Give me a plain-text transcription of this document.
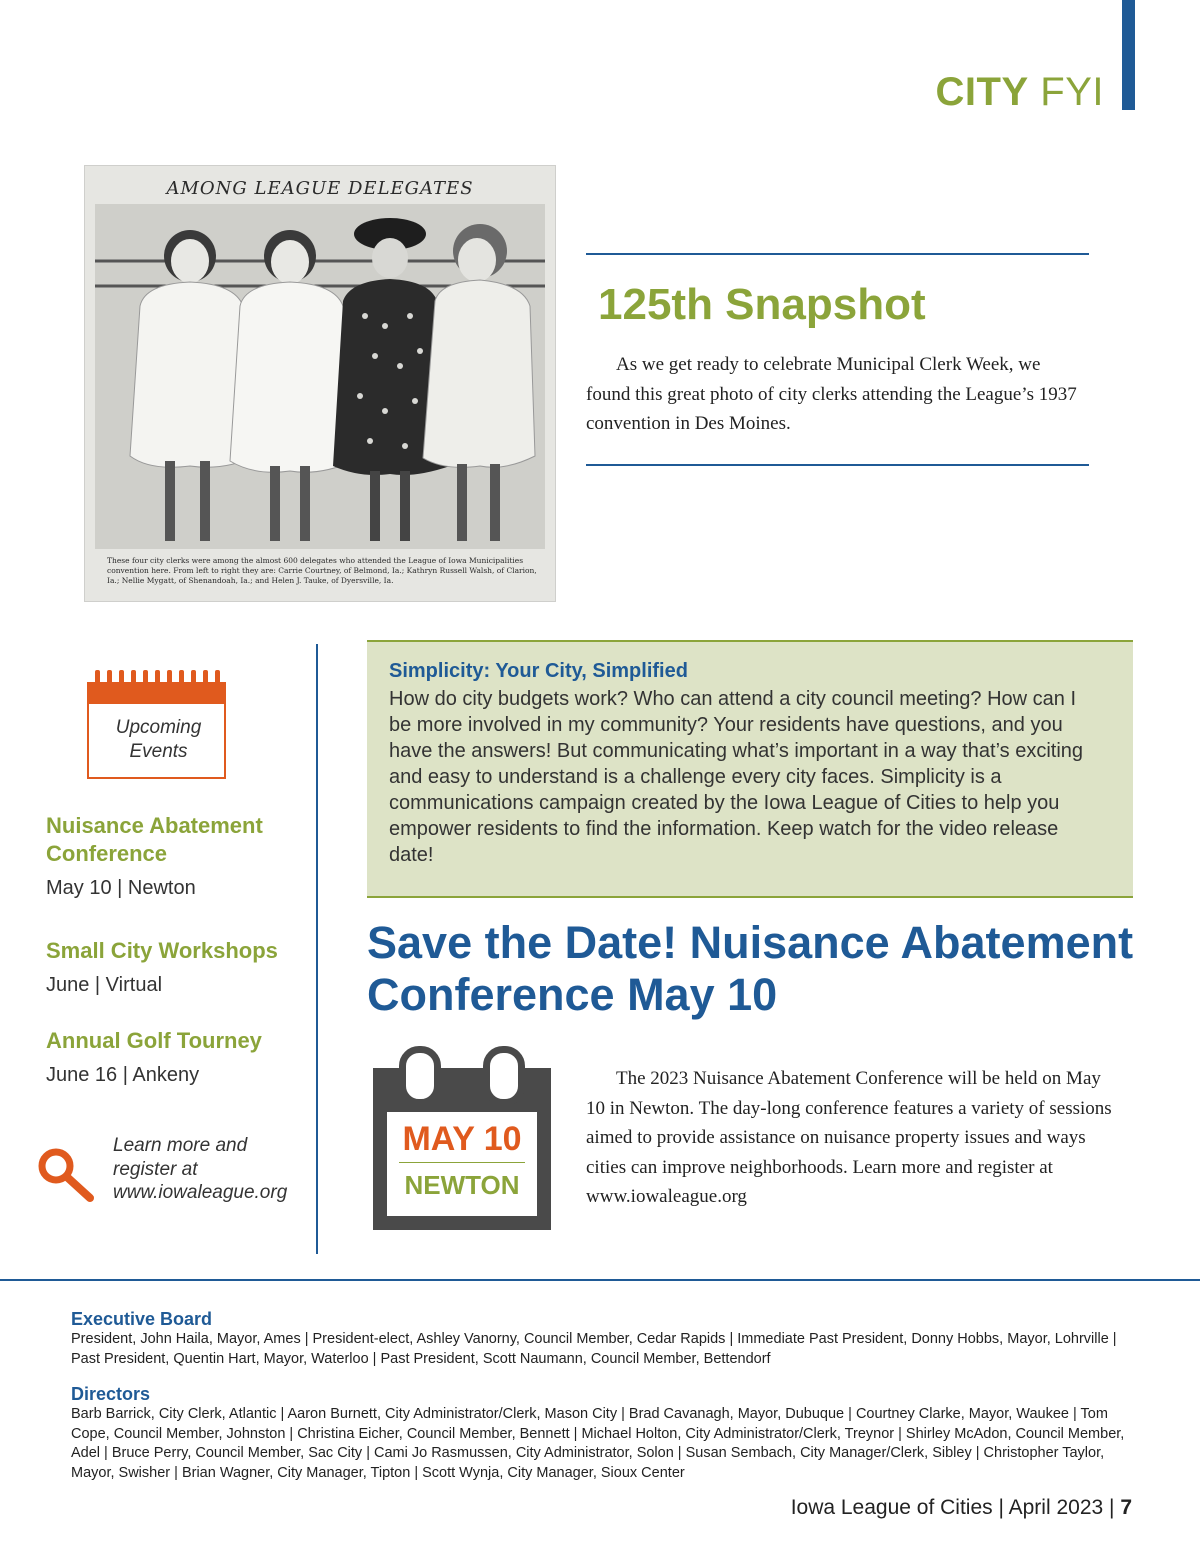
CITY FYI
AMONG LEAGUE DELEGATES
These four city clerks were among the almost 600 delegates who attended the League of Iowa Municipalities convention here. From left to right they are: Carrie Courtney, of Belmond, Ia.; Kathryn Russell Walsh, of Clarion, Ia.; Nellie Mygatt, of Shenandoah, Ia.; and Helen J. Tauke, of Dyersville, Ia.
125th Snapshot
As we get ready to celebrate Municipal Clerk Week, we found this great photo of city clerks attending the League’s 1937 convention in Des Moines.
Upcoming Events
Nuisance Abatement Conference
May 10 | Newton
Small City Workshops
June | Virtual
Annual Golf Tourney
June 16 | Ankeny
Learn more and register at www.iowaleague.org
Simplicity: Your City, Simplified
How do city budgets work? Who can attend a city council meeting? How can I be more involved in my community? Your residents have questions, and you have the answers! But communicating what’s important in a way that’s exciting and easy to understand is a challenge every city faces. Simplicity is a communications campaign created by the Iowa League of Cities to help you empower residents to find the information. Keep watch for the video release date!
Save the Date! Nuisance Abatement Conference May 10
MAY 10
NEWTON
The 2023 Nuisance Abatement Conference will be held on May 10 in Newton. The day-long conference features a variety of sessions aimed to provide assistance on nuisance property issues and ways cities can improve neighborhoods. Learn more and register at www.iowaleague.org
Executive Board
President, John Haila, Mayor, Ames | President-elect, Ashley Vanorny, Council Member, Cedar Rapids | Immediate Past President, Donny Hobbs, Mayor, Lohrville | Past President, Quentin Hart, Mayor, Waterloo | Past President, Scott Naumann, Council Member, Bettendorf
Directors
Barb Barrick, City Clerk, Atlantic | Aaron Burnett, City Administrator/Clerk, Mason City | Brad Cavanagh, Mayor, Dubuque | Courtney Clarke, Mayor, Waukee | Tom Cope, Council Member, Johnston | Christina Eicher, Council Member, Bennett | Michael Holton, City Administrator/Clerk, Treynor | Shirley McAdon, Council Member, Adel | Bruce Perry, Council Member, Sac City | Cami Jo Rasmussen, City Administrator, Solon | Susan Sembach, City Manager/Clerk, Sibley | Christopher Taylor, Mayor, Swisher | Brian Wagner, City Manager, Tipton | Scott Wynja, City Manager, Sioux Center
Iowa League of Cities | April 2023 | 7
